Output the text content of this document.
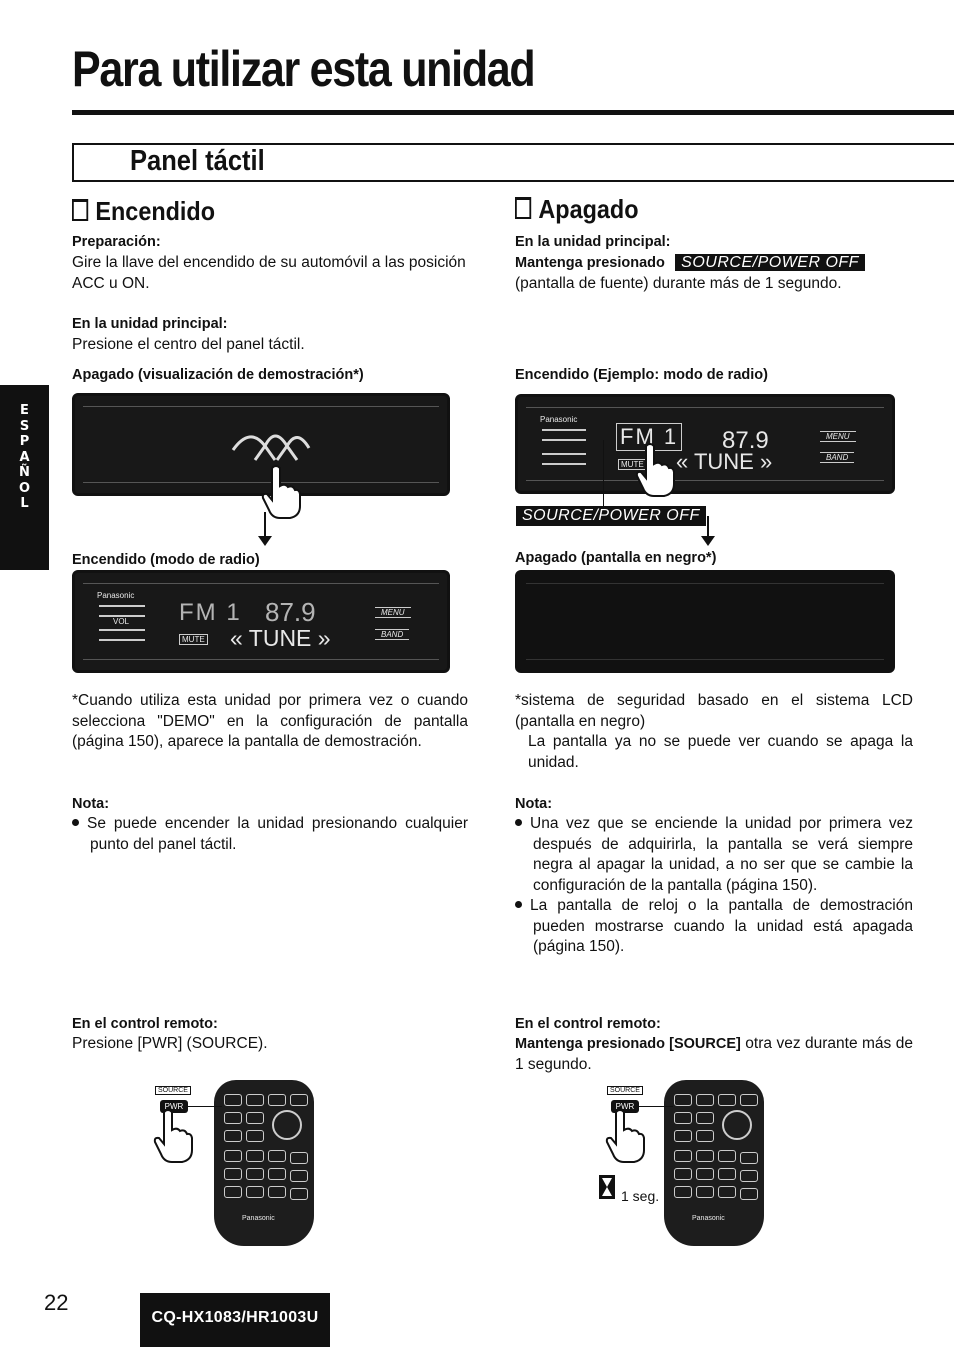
Para utilizar esta unidad
Panel táctil
E
S
P
A
Ñ
O
L
Encendido
Preparación:
Gire la llave del encendido de su automóvil a las posición ACC u ON.
En la unidad principal:
Presione el centro del panel táctil.
Apagado (visualización de demostración*)
Encendido (modo de radio)
Panasonic
VOL FM 1 87.9
MUTE « TUNE »
MENU
BAND
*Cuando utiliza esta unidad por primera vez o cuando selecciona "DEMO" en la configuración de pantalla (página 150), aparece la pantalla de demostración.
Nota:
Se puede encender la unidad presionando cualquier punto del panel táctil.
En el control remoto:
Presione [PWR] (SOURCE).
Panasonic
SOURCE
PWR
Apagado
En la unidad principal:
Mantenga presionado SOURCE/POWER OFF (pantalla de fuente) durante más de 1 segundo.
Encendido (Ejemplo: modo de radio)
Panasonic
FM 1 87.9
MUTE « TUNE »
MENU
BAND
SOURCE/POWER OFF
Apagado (pantalla en negro*)
*sistema de seguridad basado en el sistema LCD (pantalla en negro)
La pantalla ya no se puede ver cuando se apaga la unidad.
Nota:
Una vez que se enciende la unidad por primera vez después de adquirirla, la pantalla se verá siempre negra al apagar la unidad, a no ser que se cambie la configuración de la pantalla (página 150).
La pantalla de reloj o la pantalla de demostración pueden mostrarse cuando la unidad está apagada (página 150).
En el control remoto:
Mantenga presionado [SOURCE] otra vez durante más de 1 segundo.
Panasonic
SOURCE
PWR
1 seg.
22
CQ-HX1083/HR1003U
